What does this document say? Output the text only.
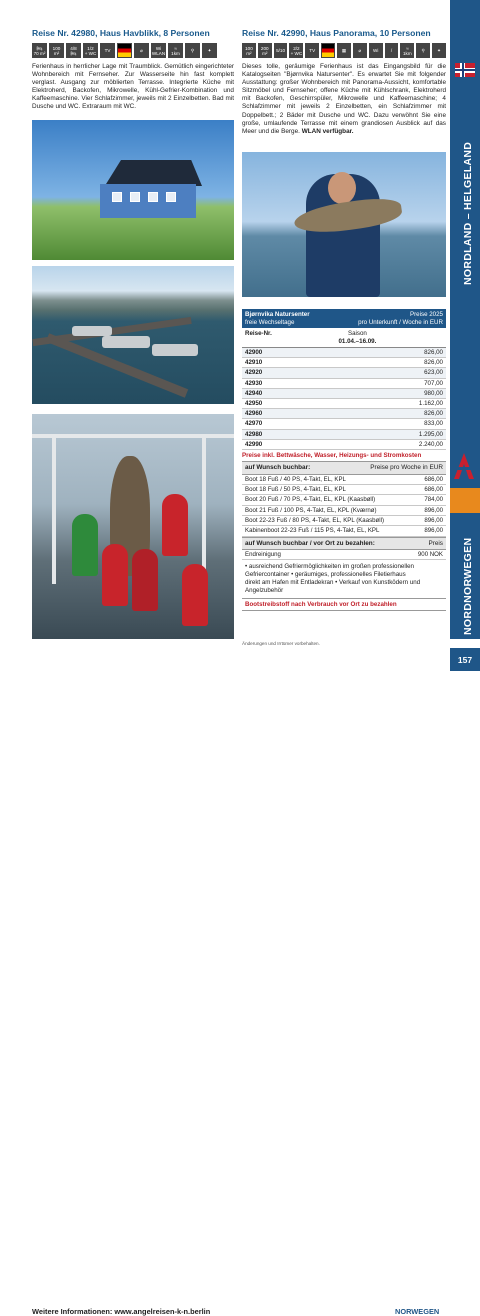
Reise Nr. 42980, Haus Havblikk, 8 Personen
🛏
70 m²
100
m²
4/8
🛏
1/2
+ WC TV	⌀	Wi
WLAN
≈
1km ⚲	✦
Ferienhaus in herrlicher Lage mit Traumblick. Gemütlich eingerichteter Wohnbereich mit Fernseher. Zur Wasserseite hin fast komplett verglast. Ausgang zur möblierten Terrasse. Integrierte Küche mit Elektroherd, Backofen, Mikrowelle, Kühl-Gefrier-Kombination und Kaffeemaschine. Vier Schlafzimmer, jeweils mit 2 Einzelbetten. Bad mit Dusche und WC. Extraraum mit WC.
Reise Nr. 42990, Haus Panorama, 10 Personen
100
m²
200
m² 5/10 2/2
+ WC TV	▦	⌀	Wi	/	≈
1km ⚲	✦
Dieses tolle, geräumige Ferienhaus ist das Eingangsbild für die Katalogseiten "Bjørnvika Natursenter". Es erwartet Sie mit folgender Ausstattung: großer Wohnbereich mit Panorama-Aussicht, komfortable Sitzmöbel und Fernseher; offene Küche mit Kühlschrank, Elektroherd mit Backofen, Geschirrspüler, Mikrowelle und Kaffeemaschine; 4 Schlafzimmer mit jeweils 2 Einzelbetten, ein Schlafzimmer mit Doppelbett.; 2 Bäder mit Dusche und WC. Dazu verwöhnt Sie eine große, umlaufende Terrasse mit einem grandiosen Ausblick auf das Meer und die Berge. WLAN verfügbar.
Bjørnvika Natursenter
freie Wechseltage
Preise 2025
pro Unterkunft / Woche in EUR
Reise-Nr.	Saison
01.04.–16.09.
42900	826,00
42910	826,00
42920	623,00
42930	707,00
42940	980,00
42950	1.162,00
42960	826,00
42970	833,00
42980	1.295,00
42990	2.240,00
Preise inkl. Bettwäsche, Wasser, Heizungs- und Stromkosten
auf Wunsch buchbar:	Preise pro Woche in EUR
Boot 18 Fuß / 40 PS, 4-Takt, EL, KPL	686,00
Boot 18 Fuß / 50 PS, 4-Takt, EL, KPL	686,00
Boot 20 Fuß / 70 PS, 4-Takt, EL, KPL (Kaasbøll)	784,00
Boot 21 Fuß / 100 PS, 4-Takt, EL, KPL (Kværnø)	896,00
Boot 22-23 Fuß / 80 PS, 4-Takt, EL, KPL (Kaasbøll)	896,00
Kabinenboot 22-23 Fuß / 115 PS, 4-Takt, EL, KPL	896,00
auf Wunsch buchbar / vor Ort zu bezahlen:	Preis
Endreinigung	900 NOK
• ausreichend Gefriermöglichkeiten im großen professionellen
Gefriercontainer • geräumiges, professionelles Filetierhaus
direkt am Hafen mit Entladekran • Verkauf von Kunstködern und
Angelzubehör
Bootstreibstoff nach Verbrauch vor Ort zu bezahlen
Änderungen und Irrtümer vorbehalten.
NORDLAND – HELGELAND
NORDNORWEGEN
Weitere Informationen: www.angelreisen-k-n.berlin	NORWEGEN
157
